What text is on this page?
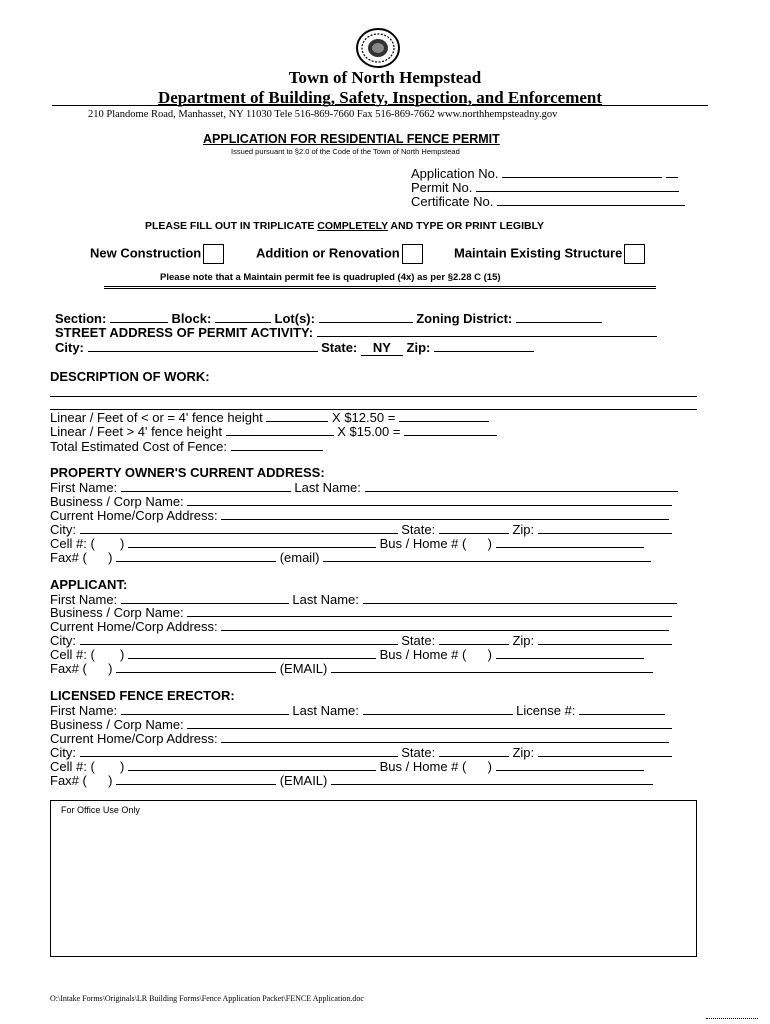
Town of North Hempstead
Department of Building, Safety, Inspection, and Enforcement
210 Plandome Road, Manhasset, NY 11030 Tele 516-869-7660 Fax 516-869-7662 www.northhempsteadny.gov
APPLICATION FOR RESIDENTIAL FENCE PERMIT
Issued pursuant to §2.0 of the Code of the Town of North Hempstead
Application No.
Permit No.
Certificate No.
PLEASE FILL OUT IN TRIPLICATE COMPLETELY AND TYPE OR PRINT LEGIBLY
New Construction	Addition or Renovation	Maintain Existing Structure
Please note that a Maintain permit fee is quadrupled (4x) as per §2.28 C (15)
Section:	Block:	Lot(s):	Zoning District:
STREET ADDRESS OF PERMIT ACTIVITY:
City:	State: NY Zip:
DESCRIPTION OF WORK:
Linear / Feet of < or = 4' fence height	X $12.50 =
Linear / Feet > 4' fence height	X $15.00 =
Total Estimated Cost of Fence:
PROPERTY OWNER'S CURRENT ADDRESS:
First Name:	Last Name:
Business / Corp Name:
Current Home/Corp Address:
City:	State:	Zip:
Cell #: ( )	Bus / Home # ( )
Fax# ( )	(email)
APPLICANT:
First Name:	Last Name:
Business / Corp Name:
Current Home/Corp Address:
City:	State:	Zip:
Cell #: ( )	Bus / Home # ( )
Fax# ( )	(EMAIL)
LICENSED FENCE ERECTOR:
First Name:	Last Name:	License #:
Business / Corp Name:
Current Home/Corp Address:
City:	State:	Zip:
Cell #: ( )	Bus / Home # ( )
Fax# ( )	(EMAIL)
For Office Use Only
O:\Intake Forms\Originals\LR Building Forms\Fence Application Packet\FENCE Application.doc
